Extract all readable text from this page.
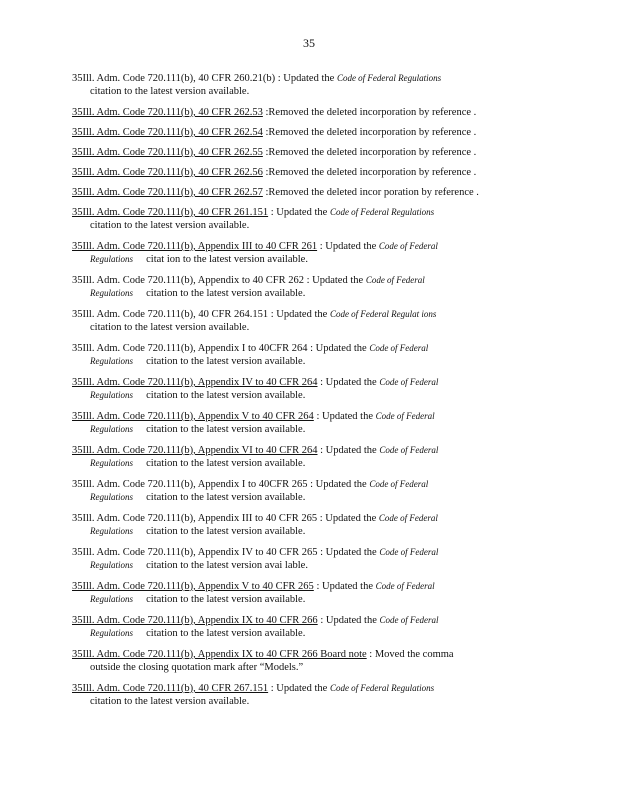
35
35Ill. Adm. Code 720.111(b), 40 CFR 260.21(b) : Updated the Code of Federal Regulations
citation to the latest version available.
35Ill. Adm. Code 720.111(b), 40 CFR 262.53 :Removed the deleted incorporation by reference .
35Ill. Adm. Code 720.111(b), 40 CFR 262.54 :Removed the deleted incorporation by reference .
35Ill. Adm. Code 720.111(b), 40 CFR 262.55 :Removed the deleted incorporation by reference .
35Ill. Adm. Code 720.111(b), 40 CFR 262.56 :Removed the deleted incorporation by reference .
35Ill. Adm. Code 720.111(b), 40 CFR 262.57 :Removed the deleted incor poration by reference .
35Ill. Adm. Code 720.111(b), 40 CFR 261.151 : Updated the Code of Federal Regulations
citation to the latest version available.
35Ill. Adm. Code 720.111(b), Appendix III to 40 CFR 261 : Updated the Code of Federal
Regulations citat ion to the latest version available.
35Ill. Adm. Code 720.111(b), Appendix to 40 CFR 262 : Updated the Code of Federal
Regulations citation to the latest version available.
35Ill. Adm. Code 720.111(b), 40 CFR 264.151 : Updated the Code of Federal Regulat ions
citation to the latest version available.
35Ill. Adm. Code 720.111(b), Appendix I to 40CFR 264 : Updated the Code of Federal
Regulations citation to the latest version available.
35Ill. Adm. Code 720.111(b), Appendix IV to 40 CFR 264 : Updated the Code of Federal
Regulations citation to the latest version available.
35Ill. Adm. Code 720.111(b), Appendix V to 40 CFR 264 : Updated the Code of Federal
Regulations citation to the latest version available.
35Ill. Adm. Code 720.111(b), Appendix VI to 40 CFR 264 : Updated the Code of Federal
Regulations citation to the latest version available.
35Ill. Adm. Code 720.111(b), Appendix I to 40CFR 265 : Updated the Code of Federal
Regulations citation to the latest version available.
35Ill. Adm. Code 720.111(b), Appendix III to 40 CFR 265 : Updated the Code of Federal
Regulations citation to the latest version available.
35Ill. Adm. Code 720.111(b), Appendix IV to 40 CFR 265 : Updated the Code of Federal
Regulations citation to the latest version avai lable.
35Ill. Adm. Code 720.111(b), Appendix V to 40 CFR 265 : Updated the Code of Federal
Regulations citation to the latest version available.
35Ill. Adm. Code 720.111(b), Appendix IX to 40 CFR 266 : Updated the Code of Federal
Regulations citation to the latest version available.
35Ill. Adm. Code 720.111(b), Appendix IX to 40 CFR 266 Board note : Moved the comma
outside the closing quotation mark after “Models.”
35Ill. Adm. Code 720.111(b), 40 CFR 267.151 : Updated the Code of Federal Regulations
citation to the latest version available.
